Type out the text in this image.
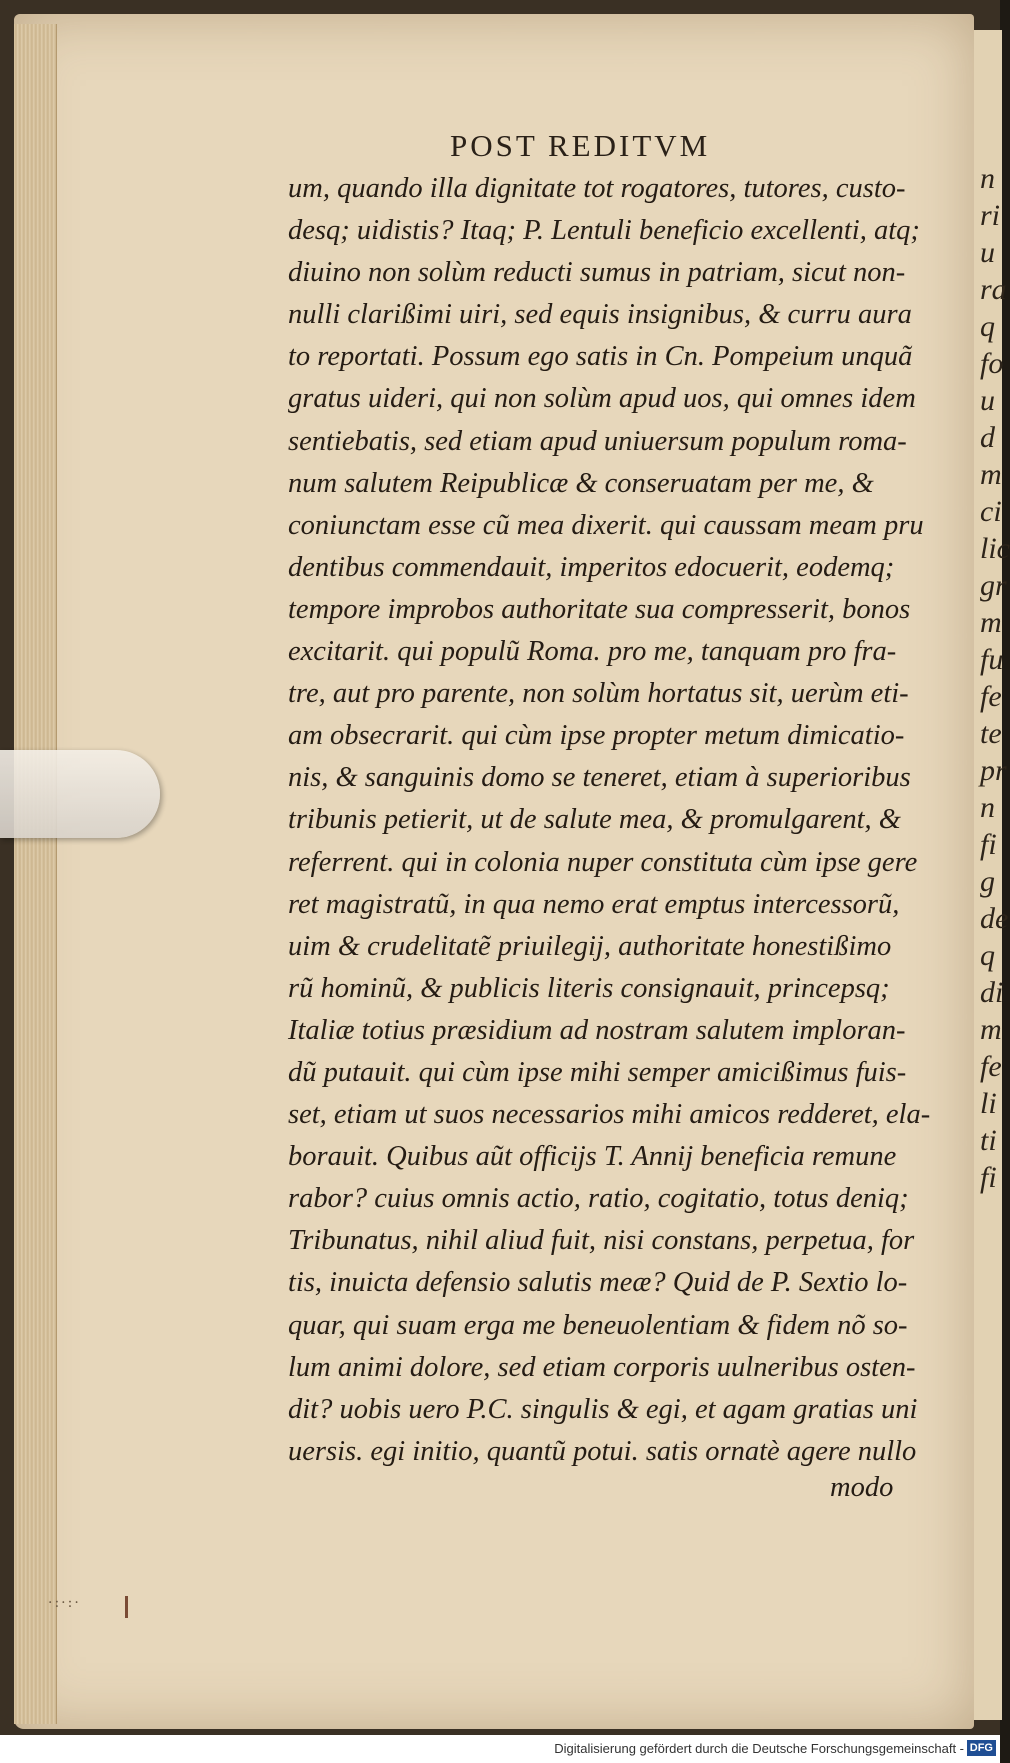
n
ri
u
ra
q
fo
u
d
m
ci
lic
gr
m
fu
fe
te
pr
n
fi
g
de
q
di
m
fe
li
ti
fi
POST REDITVM
um, quando illa dignitate tot rogatores, tutores, custo-
desq; uidistis? Itaq; P. Lentuli beneficio excellenti, atq;
diuino non solùm reducti sumus in patriam, sicut non-
nulli clarißimi uiri, sed equis insignibus, & curru aura
to reportati. Possum ego satis in Cn. Pompeium unquã
gratus uideri, qui non solùm apud uos, qui omnes idem
sentiebatis, sed etiam apud uniuersum populum roma-
num salutem Reipublicæ & conseruatam per me, &
coniunctam esse cũ mea dixerit. qui caussam meam pru
dentibus commendauit, imperitos edocuerit, eodemq;
tempore improbos authoritate sua compresserit, bonos
excitarit. qui populũ Roma. pro me, tanquam pro fra-
tre, aut pro parente, non solùm hortatus sit, uerùm eti-
am obsecrarit. qui cùm ipse propter metum dimicatio-
nis, & sanguinis domo se teneret, etiam à superioribus
tribunis petierit, ut de salute mea, & promulgarent, &
referrent. qui in colonia nuper constituta cùm ipse gere
ret magistratũ, in qua nemo erat emptus intercessorũ,
uim & crudelitatẽ priuilegij, authoritate honestißimo
rũ hominũ, & publicis literis consignauit, princepsq;
Italiæ totius præsidium ad nostram salutem imploran-
dũ putauit. qui cùm ipse mihi semper amicißimus fuis-
set, etiam ut suos necessarios mihi amicos redderet, ela-
borauit. Quibus aũt officijs T. Annij beneficia remune
rabor? cuius omnis actio, ratio, cogitatio, totus deniq;
Tribunatus, nihil aliud fuit, nisi constans, perpetua, for
tis, inuicta defensio salutis meæ? Quid de P. Sextio lo-
quar, qui suam erga me beneuolentiam & fidem nõ so-
lum animi dolore, sed etiam corporis uulneribus osten-
dit? uobis uero P.C. singulis & egi, et agam gratias uni
uersis. egi initio, quantũ potui. satis ornatè agere nullo
modo
·:·:·
Digitalisierung gefördert durch die Deutsche Forschungsgemeinschaft - DFG
